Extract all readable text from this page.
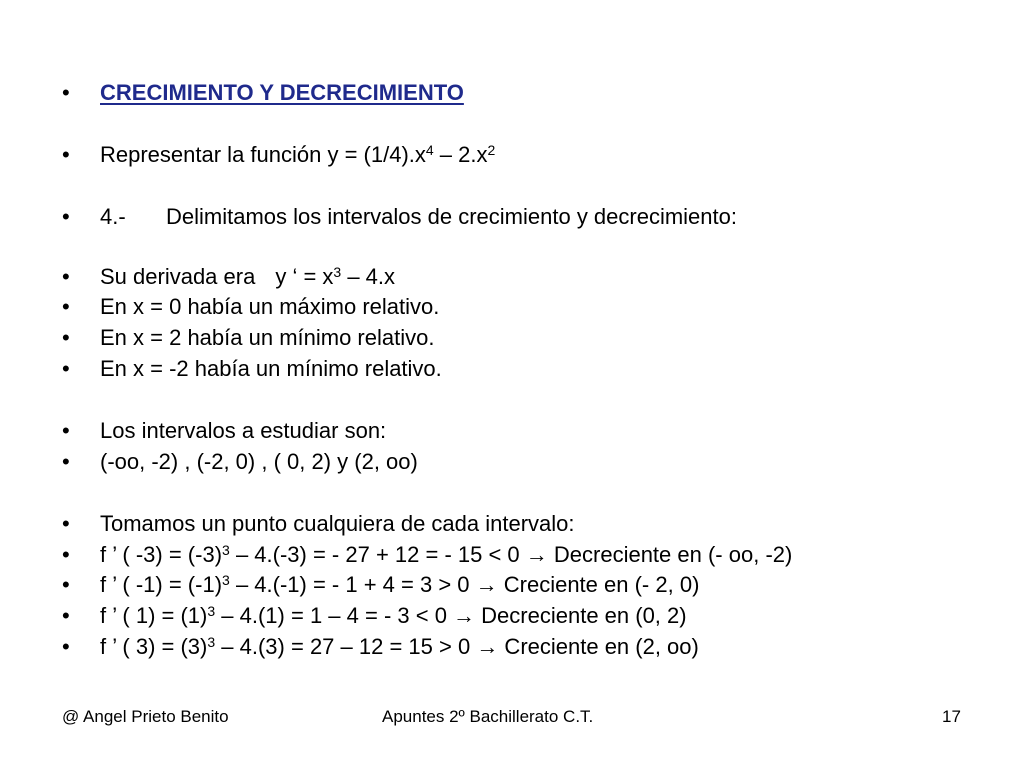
•	CRECIMIENTO Y DECRECIMIENTO
•	Representar la función $y = (1/4).x^4 - 2.x^2$
•	4.- Delimitamos los intervalos de crecimiento y decrecimiento:
•	Su derivada era y ‘ = $x^3 - 4.x$
•	En x = 0 había un máximo relativo.
•	En x = 2 había un mínimo relativo.
•	En x = -2 había un mínimo relativo.
•	Los intervalos a estudiar son:
•	(-oo, -2) , (-2, 0) , ( 0, 2) y (2, oo)
•	Tomamos un punto cualquiera de cada intervalo:
•	f ’ ( $-3) = (-3)^3 - 4.(-3)$ = - 27 + 12 = - 15 < 0 → Decreciente en (- oo, -2)
•	f ’ ( $-1) = (-1)^3 - 4.(-1)$ = - 1 + 4 = 3 > 0 → Creciente en (- 2, 0)
•	f ’ ( $1) = (1)^3 - 4.(1) = 1 - 4$ = - 3 < 0 → Decreciente en (0, 2)
•	f ’ ( $3) = (3)^3 - 4.(3) = 27 - 12 = 15 > 0$ → Creciente en (2, oo)
@ Angel Prieto Benito	Apuntes 2º Bachillerato C.T.	17
